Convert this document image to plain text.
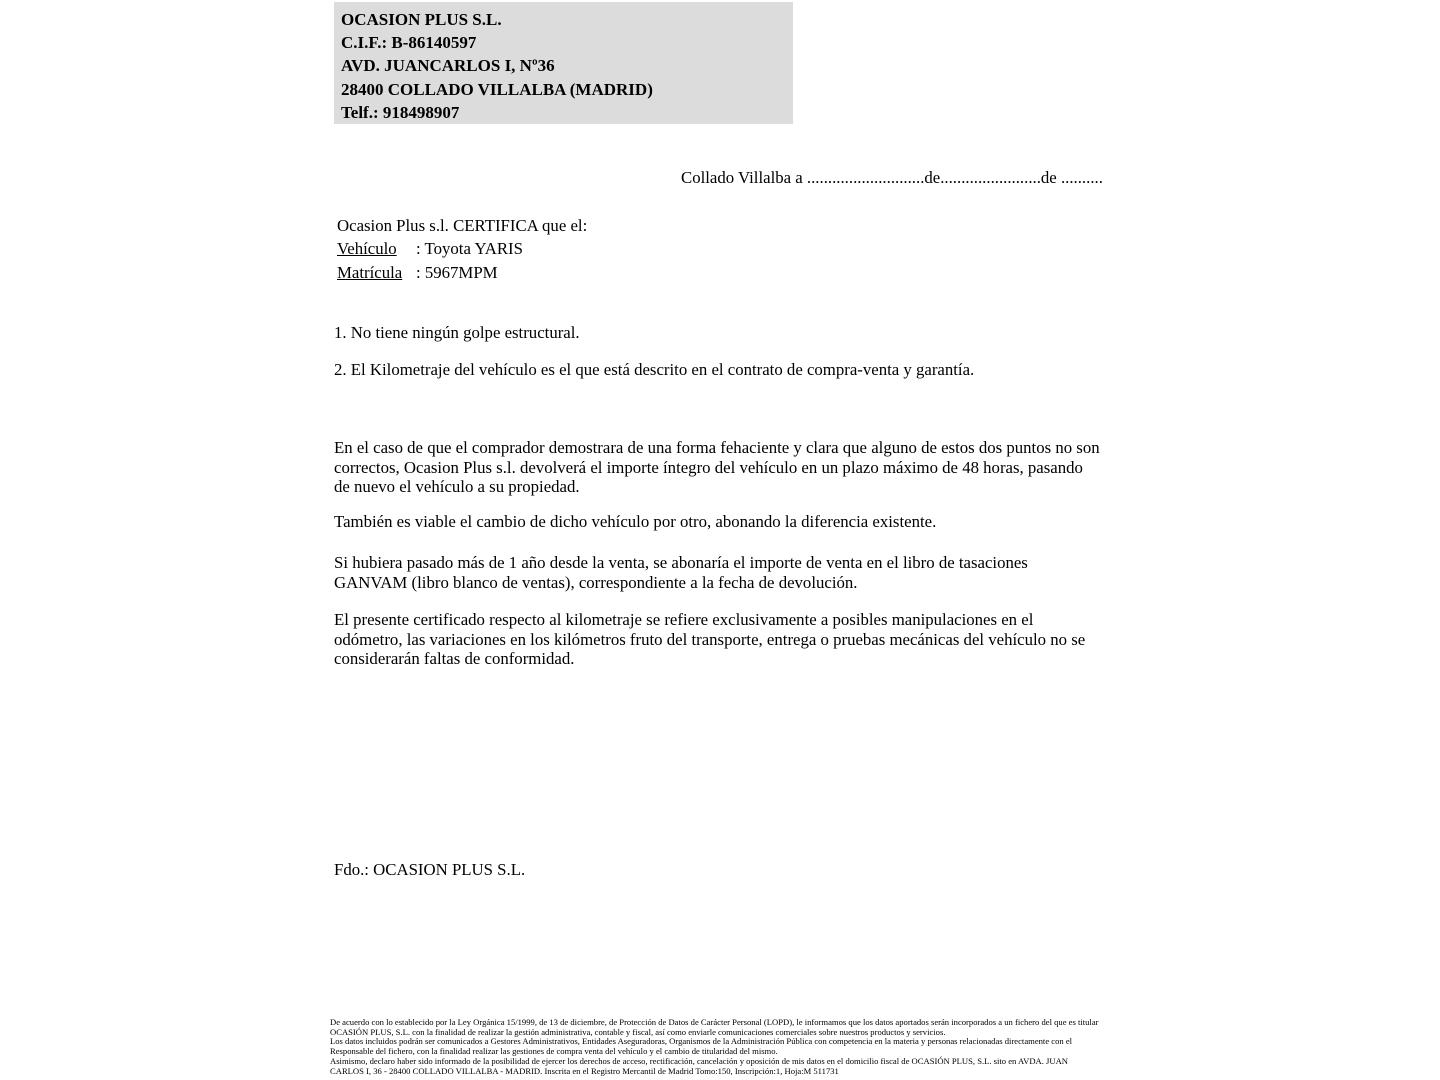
OCASION PLUS S.L.
C.I.F.: B-86140597
AVD. JUANCARLOS I, Nº36
28400 COLLADO VILLALBA (MADRID)
Telf.: 918498907
Collado Villalba a ............................de........................de ..........
Ocasion Plus s.l. CERTIFICA que el:
Vehículo : Toyota YARIS
Matrícula : 5967MPM
1. No tiene ningún golpe estructural.
2. El Kilometraje del vehículo es el que está descrito en el contrato de compra-venta y garantía.

En el caso de que el comprador demostrara de una forma fehaciente y clara que alguno de estos dos puntos no son correctos, Ocasion Plus s.l. devolverá el importe íntegro del vehículo en un plazo máximo de 48 horas, pasando de nuevo el vehículo a su propiedad.

También es viable el cambio de dicho vehículo por otro, abonando la diferencia existente.

Si hubiera pasado más de 1 año desde la venta, se abonaría el importe de venta en el libro de tasaciones GANVAM (libro blanco de ventas), correspondiente a la fecha de devolución.

El presente certificado respecto al kilometraje se refiere exclusivamente a posibles manipulaciones en el odómetro, las variaciones en los kilómetros fruto del transporte, entrega o pruebas mecánicas del vehículo no se considerarán faltas de conformidad.

Fdo.: OCASION PLUS S.L.

De acuerdo con lo establecido por la Ley Orgánica 15/1999, de 13 de diciembre, de Protección de Datos de Carácter Personal (LOPD), le informamos que los datos aportados serán incorporados a un fichero del que es titular OCASIÓN PLUS, S.L. con la finalidad de realizar la gestión administrativa, contable y fiscal, así como enviarle comunicaciones comerciales sobre nuestros productos y servicios.

Los datos incluidos podrán ser comunicados a Gestores Administrativos, Entidades Aseguradoras, Organismos de la Administración Pública con competencia en la materia y personas relacionadas directamente con el Responsable del fichero, con la finalidad realizar las gestiones de compra venta del vehículo y el cambio de titularidad del mismo.

Asimismo, declaro haber sido informado de la posibilidad de ejercer los derechos de acceso, rectificación, cancelación y oposición de mis datos en el domicilio fiscal de OCASIÓN PLUS, S.L. sito en AVDA. JUAN CARLOS I, 36 - 28400 COLLADO VILLALBA - MADRID. Inscrita en el Registro Mercantil de Madrid Tomo:150, Inscripción:1, Hoja:M 511731
